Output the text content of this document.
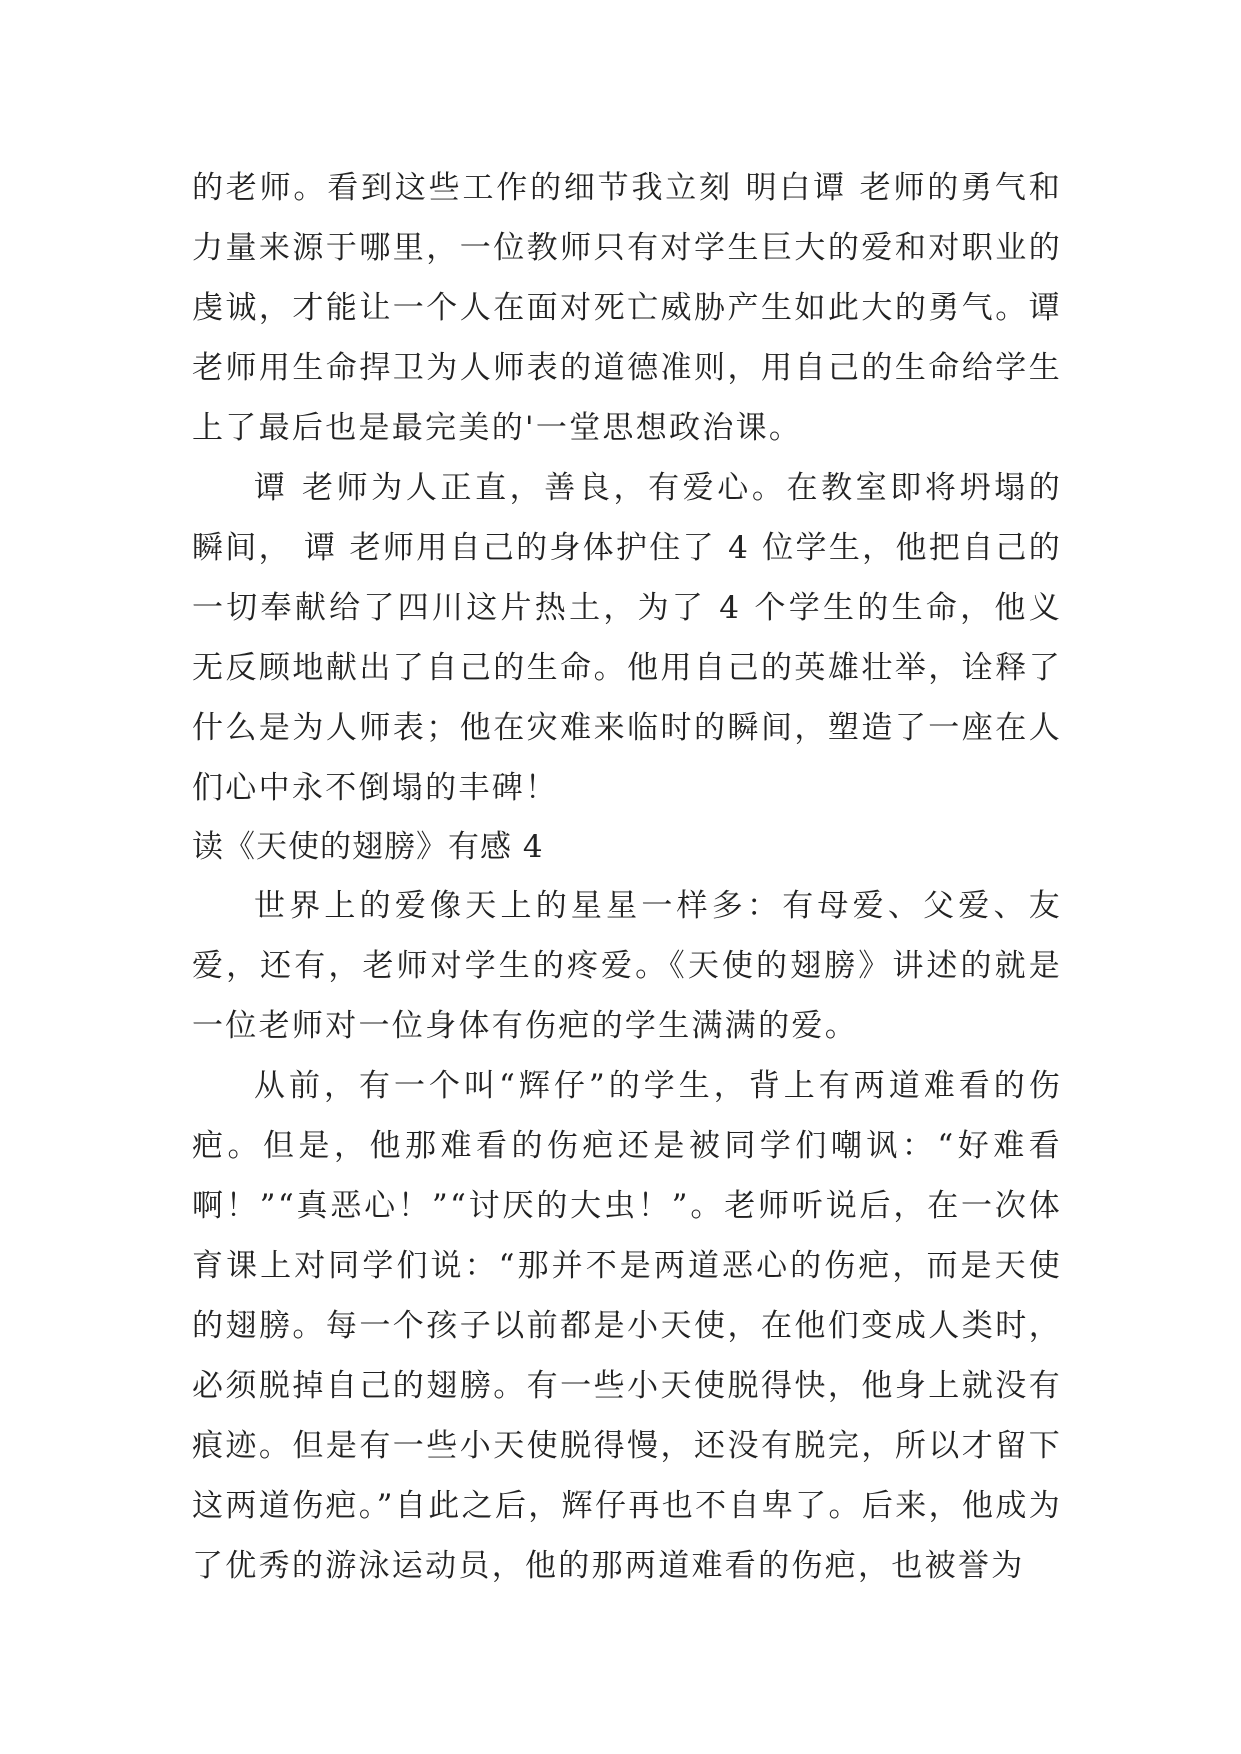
的老师。看到这些工作的细节我立刻 明白谭 老师的勇气和力量来源于哪里，一位教师只有对学生巨大的爱和对职业的虔诚，才能让一个人在面对死亡威胁产生如此大的勇气。谭 老师用生命捍卫为人师表的道德准则，用自己的生命给学生上了最后也是最完美的'一堂思想政治课。

谭 老师为人正直，善良，有爱心。在教室即将坍塌的瞬间， 谭 老师用自己的身体护住了 4 位学生，他把自己的一切奉献给了四川这片热土，为了 4 个学生的生命，他义无反顾地献出了自己的生命。他用自己的英雄壮举，诠释了什么是为人师表；他在灾难来临时的瞬间，塑造了一座在人们心中永不倒塌的丰碑！

读《天使的翅膀》有感 4

世界上的爱像天上的星星一样多：有母爱、父爱、友爱，还有，老师对学生的疼爱。《天使的翅膀》讲述的就是一位老师对一位身体有伤疤的学生满满的爱。

从前，有一个叫“辉仔”的学生，背上有两道难看的伤疤。但是，他那难看的伤疤还是被同学们嘲讽：“好难看啊！”“真恶心！”“讨厌的大虫！”。老师听说后，在一次体育课上对同学们说：“那并不是两道恶心的伤疤，而是天使的翅膀。每一个孩子以前都是小天使，在他们变成人类时，必须脱掉自己的翅膀。有一些小天使脱得快，他身上就没有痕迹。但是有一些小天使脱得慢，还没有脱完，所以才留下这两道伤疤。”自此之后，辉仔再也不自卑了。后来，他成为了优秀的游泳运动员，他的那两道难看的伤疤，也被誉为
